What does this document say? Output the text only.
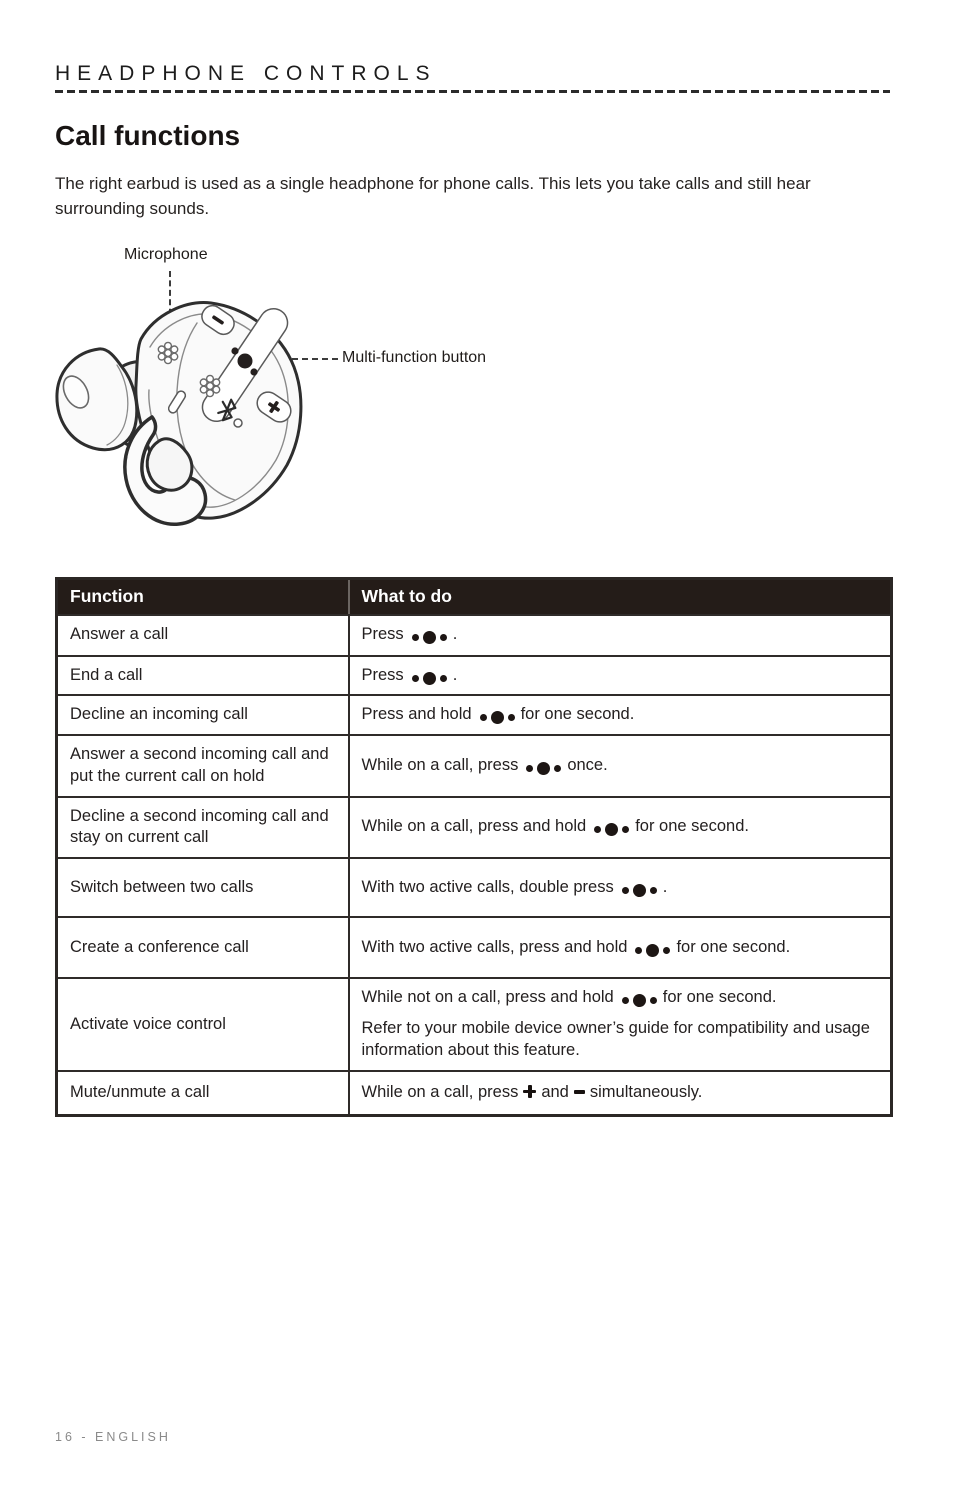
HEADPHONE CONTROLS
Call functions

The right earbud is used as a single headphone for phone calls. This lets you take calls and still hear surrounding sounds.

Microphone
Multi-function button
Function	What to do
Answer a call	Press .

End a call	Press .

Decline an incoming call	Press and hold for one second.

Answer a second incoming call and put the current call on hold	While on a call, press once.

Decline a second incoming call and stay on current call	While on a call, press and hold for one second.

Switch between two calls	With two active calls, double press .

Create a conference call	With two active calls, press and hold for one second.

Activate voice control	While not on a call, press and hold for one second.
Refer to your mobile device owner’s guide for compatibility and usage information about this feature.

Mute/unmute a call	While on a call, press and simultaneously.
16 - ENGLISH
